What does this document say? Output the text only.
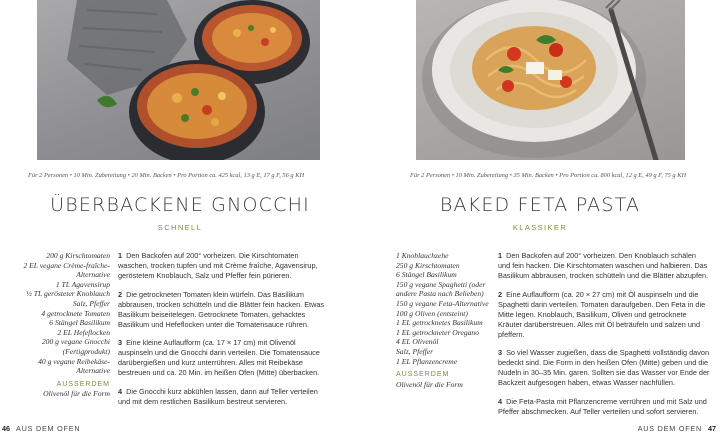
Für 2 Personen • 10 Min. Zubereitung • 20 Min. Backen • Pro Portion ca. 425 kcal, 13 g E, 17 g F, 56 g KH
ÜBERBACKENE GNOCCHI
SCHNELL

200 g Kirschtomaten

2 EL vegane Crème-fraîche-

Alternative

1 TL Agavensirup

½ TL gerösteter Knoblauch

Salz, Pfeffer

4 getrocknete Tomaten

6 Stängel Basilikum

2 EL Hefeflocken

200 g vegane Gnocchi

(Fertigprodukt)

40 g vegane Reibekäse-

Alternative

AUSSERDEM

Olivenöl für die Form

1 Den Backofen auf 200° vorheizen. Die Kirschtomaten waschen, trocken tupfen und mit Crème fraîche, Agavensirup, geröstetem Knoblauch, Salz und Pfeffer fein pürieren.

2 Die getrockneten Tomaten klein würfeln. Das Basilikum abbrausen, trocken schütteln und die Blätter fein hacken. Etwas Basilikum beiseitelegen. Getrocknete Tomaten, gehacktes Basilikum und Hefeflocken unter die Tomatensauce rühren.

3 Eine kleine Auflaufform (ca. 17 × 17 cm) mit Olivenöl auspinseln und die Gnocchi darin verteilen. Die Tomatensauce darübergießen und kurz unterrühren. Alles mit Reibekäse bestreuen und ca. 20 Min. im heißen Ofen (Mitte) überbacken.

4 Die Gnocchi kurz abkühlen lassen, dann auf Teller verteilen und mit dem restlichen Basilikum bestreut servieren.

46 AUS DEM OFEN
Für 2 Personen • 10 Min. Zubereitung • 35 Min. Backen • Pro Portion ca. 800 kcal, 12 g E, 49 g F, 75 g KH
BAKED FETA PASTA
KLASSIKER

1 Knoblauchzehe

250 g Kirschtomaten

6 Stängel Basilikum

150 g vegane Spaghetti (oder

andere Pasta nach Belieben)

150 g vegane Feta-Alternative

100 g Oliven (entsteint)

1 EL getrocknetes Basilikum

1 EL getrockneter Oregano

4 EL Olivenöl

Salz, Pfeffer

1 EL Pflanzencreme

AUSSERDEM

Olivenöl für die Form

1 Den Backofen auf 200° vorheizen. Den Knoblauch schälen und fein hacken. Die Kirschtomaten waschen und halbieren. Das Basilikum abbrausen, trocken schütteln und die Blätter abzupfen.

2 Eine Auflaufform (ca. 20 × 27 cm) mit Öl auspinseln und die Spaghetti darin verteilen. Tomaten daraufgeben. Den Feta in die Mitte legen. Knoblauch, Basilikum, Oliven und getrocknete Kräuter darüberstreuen. Alles mit Öl beträufeln und salzen und pfeffern.

3 So viel Wasser zugießen, dass die Spaghetti vollständig davon bedeckt sind. Die Form in den heißen Ofen (Mitte) geben und die Nudeln in 30–35 Min. garen. Sollten sie das Wasser vor Ende der Backzeit aufgesogen haben, etwas Wasser nachfüllen.

4 Die Feta-Pasta mit Pflanzencreme verrühren und mit Salz und Pfeffer abschmecken. Auf Teller verteilen und sofort servieren.

AUS DEM OFEN 47
